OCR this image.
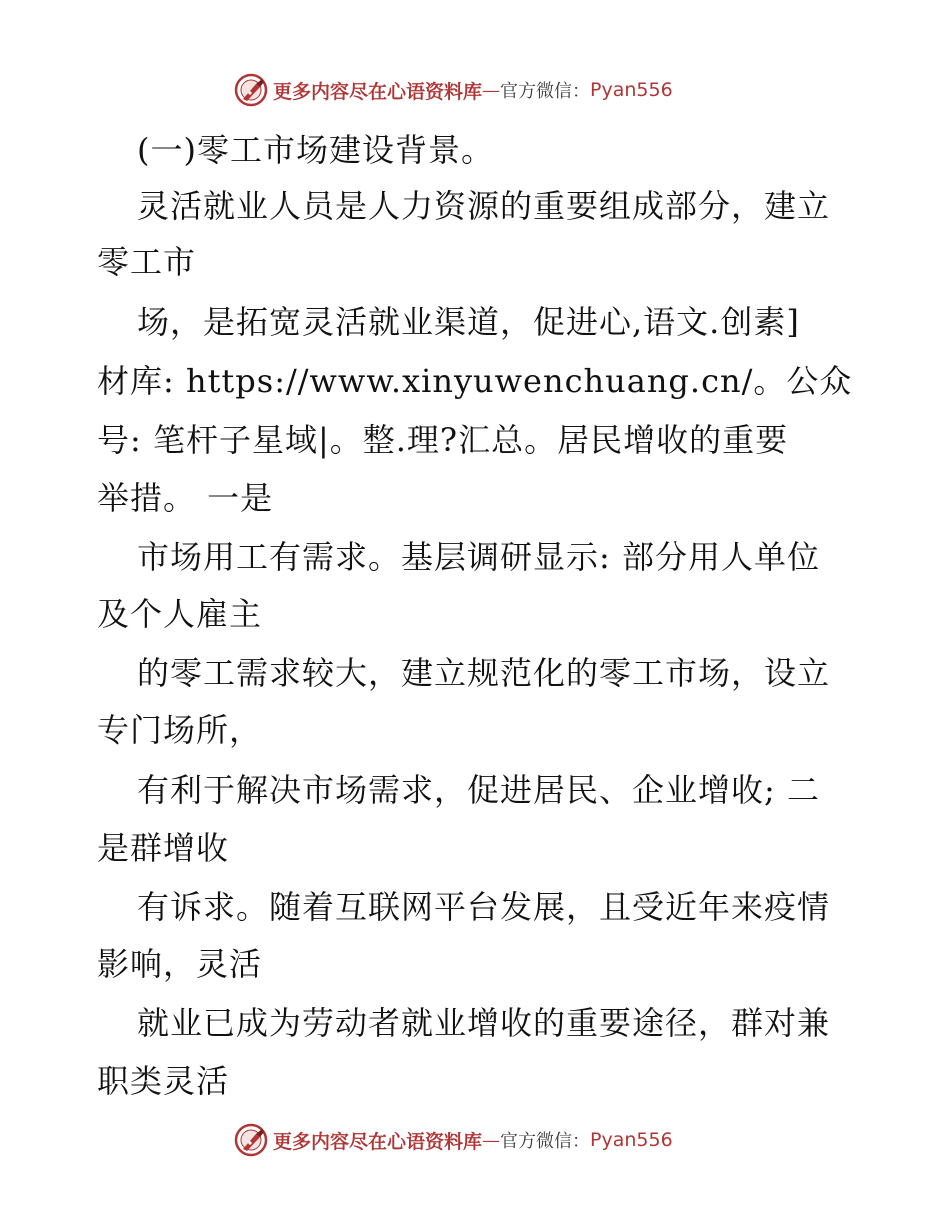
更多内容尽在心语资料库 — 官方微信： Pyan556
(一)零工市场建设背景。
灵活就业人员是人力资源的重要组成部分，建立
零工市
场，是拓宽灵活就业渠道，促进心,语文.创素]
材库: https://www.xinyuwenchuang.cn/。公众
号: 笔杆子星域|。整.理?汇总。居民增收的重要
举措。 一是
市场用工有需求。基层调研显示: 部分用人单位
及个人雇主
的零工需求较大，建立规范化的零工市场，设立
专门场所，
有利于解决市场需求，促进居民、企业增收; 二
是群增收
有诉求。随着互联网平台发展，且受近年来疫情
影响，灵活
就业已成为劳动者就业增收的重要途径，群对兼
职类灵活
更多内容尽在心语资料库 — 官方微信： Pyan556
